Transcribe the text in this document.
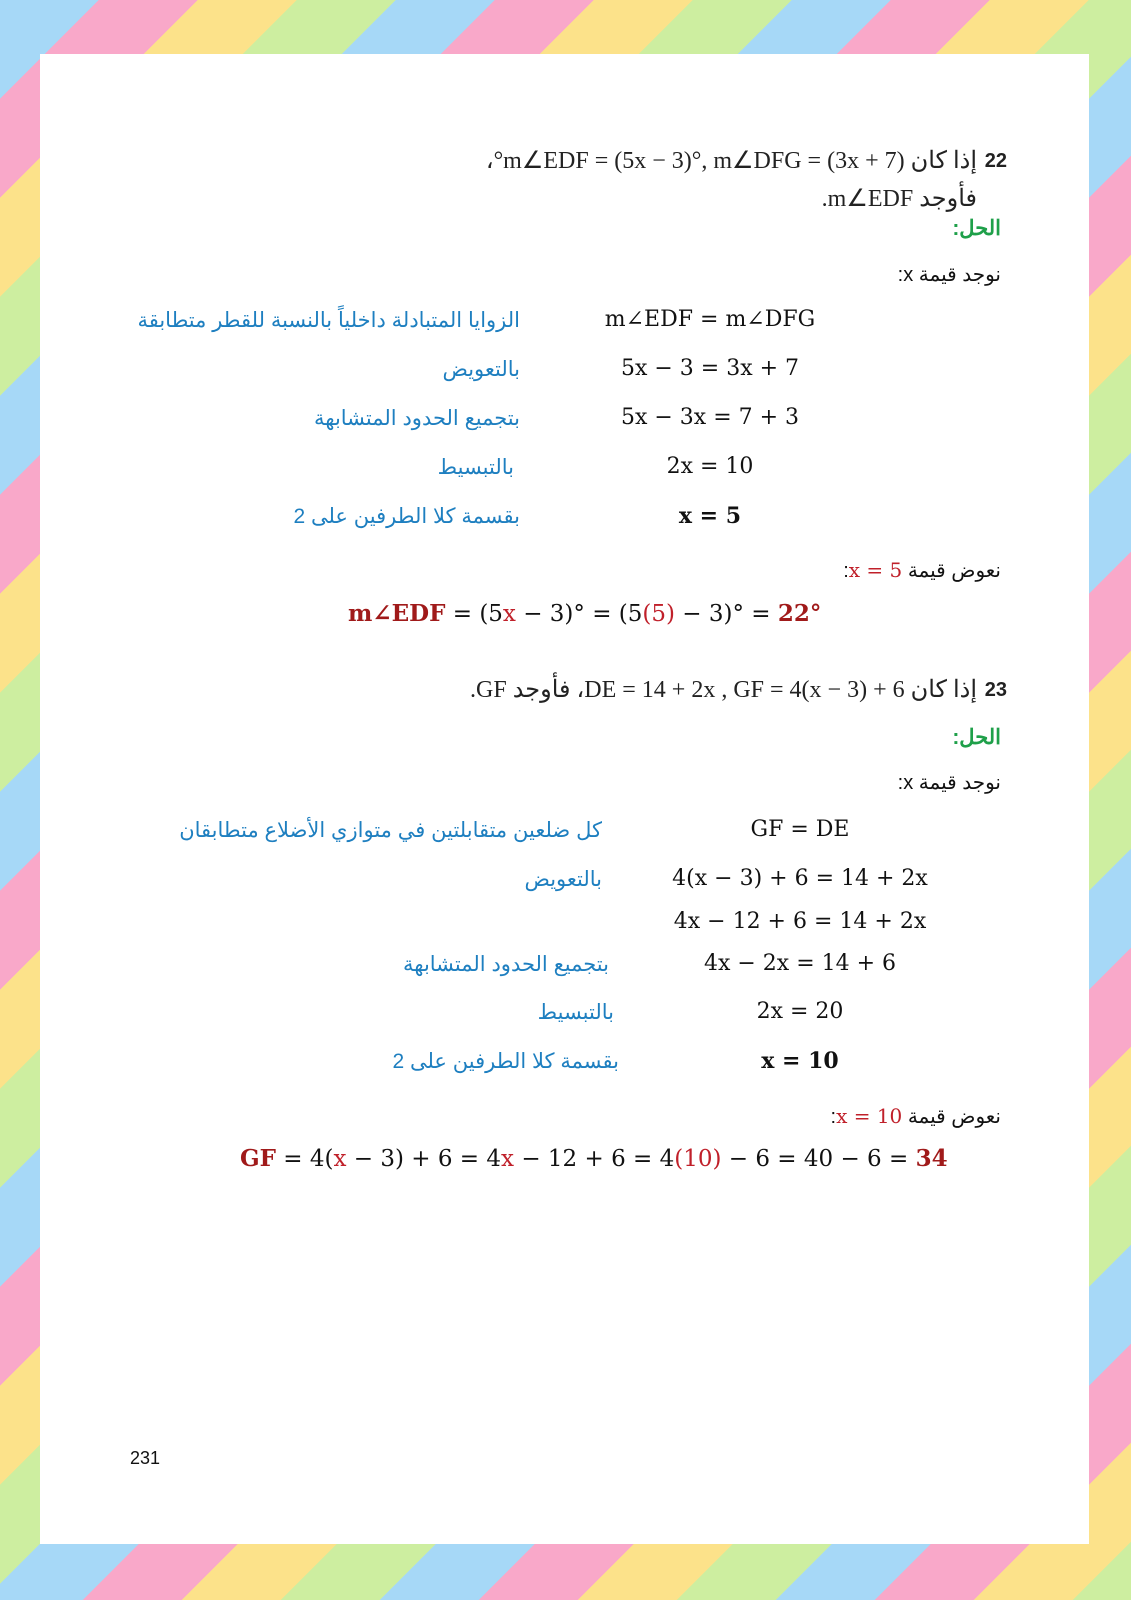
22
إذا كان m∠EDF = (5x − 3)°, m∠DFG = (3x + 7)°،
فأوجد m∠EDF.
الحل:
نوجد قيمة x:
m∠EDF = m∠DFG
الزوايا المتبادلة داخلياً بالنسبة للقطر متطابقة
5x − 3 = 3x + 7
بالتعويض
5x − 3x = 7 + 3
بتجميع الحدود المتشابهة
2x = 10
بالتبسيط
x = 5
بقسمة كلا الطرفين على 2
نعوض قيمة x = 5:
m∠EDF = (5x − 3)° = (5(5) − 3)° = 22°
23
إذا كان DE = 14 + 2x , GF = 4(x − 3) + 6، فأوجد GF.
الحل:
نوجد قيمة x:
GF = DE
كل ضلعين متقابلتين في متوازي الأضلاع متطابقان
4(x − 3) + 6 = 14 + 2x
بالتعويض
4x − 12 + 6 = 14 + 2x
4x − 2x = 14 + 6
بتجميع الحدود المتشابهة
2x = 20
بالتبسيط
x = 10
بقسمة كلا الطرفين على 2
نعوض قيمة x = 10:
GF = 4(x − 3) + 6 = 4x − 12 + 6 = 4(10) − 6 = 40 − 6 = 34
231
